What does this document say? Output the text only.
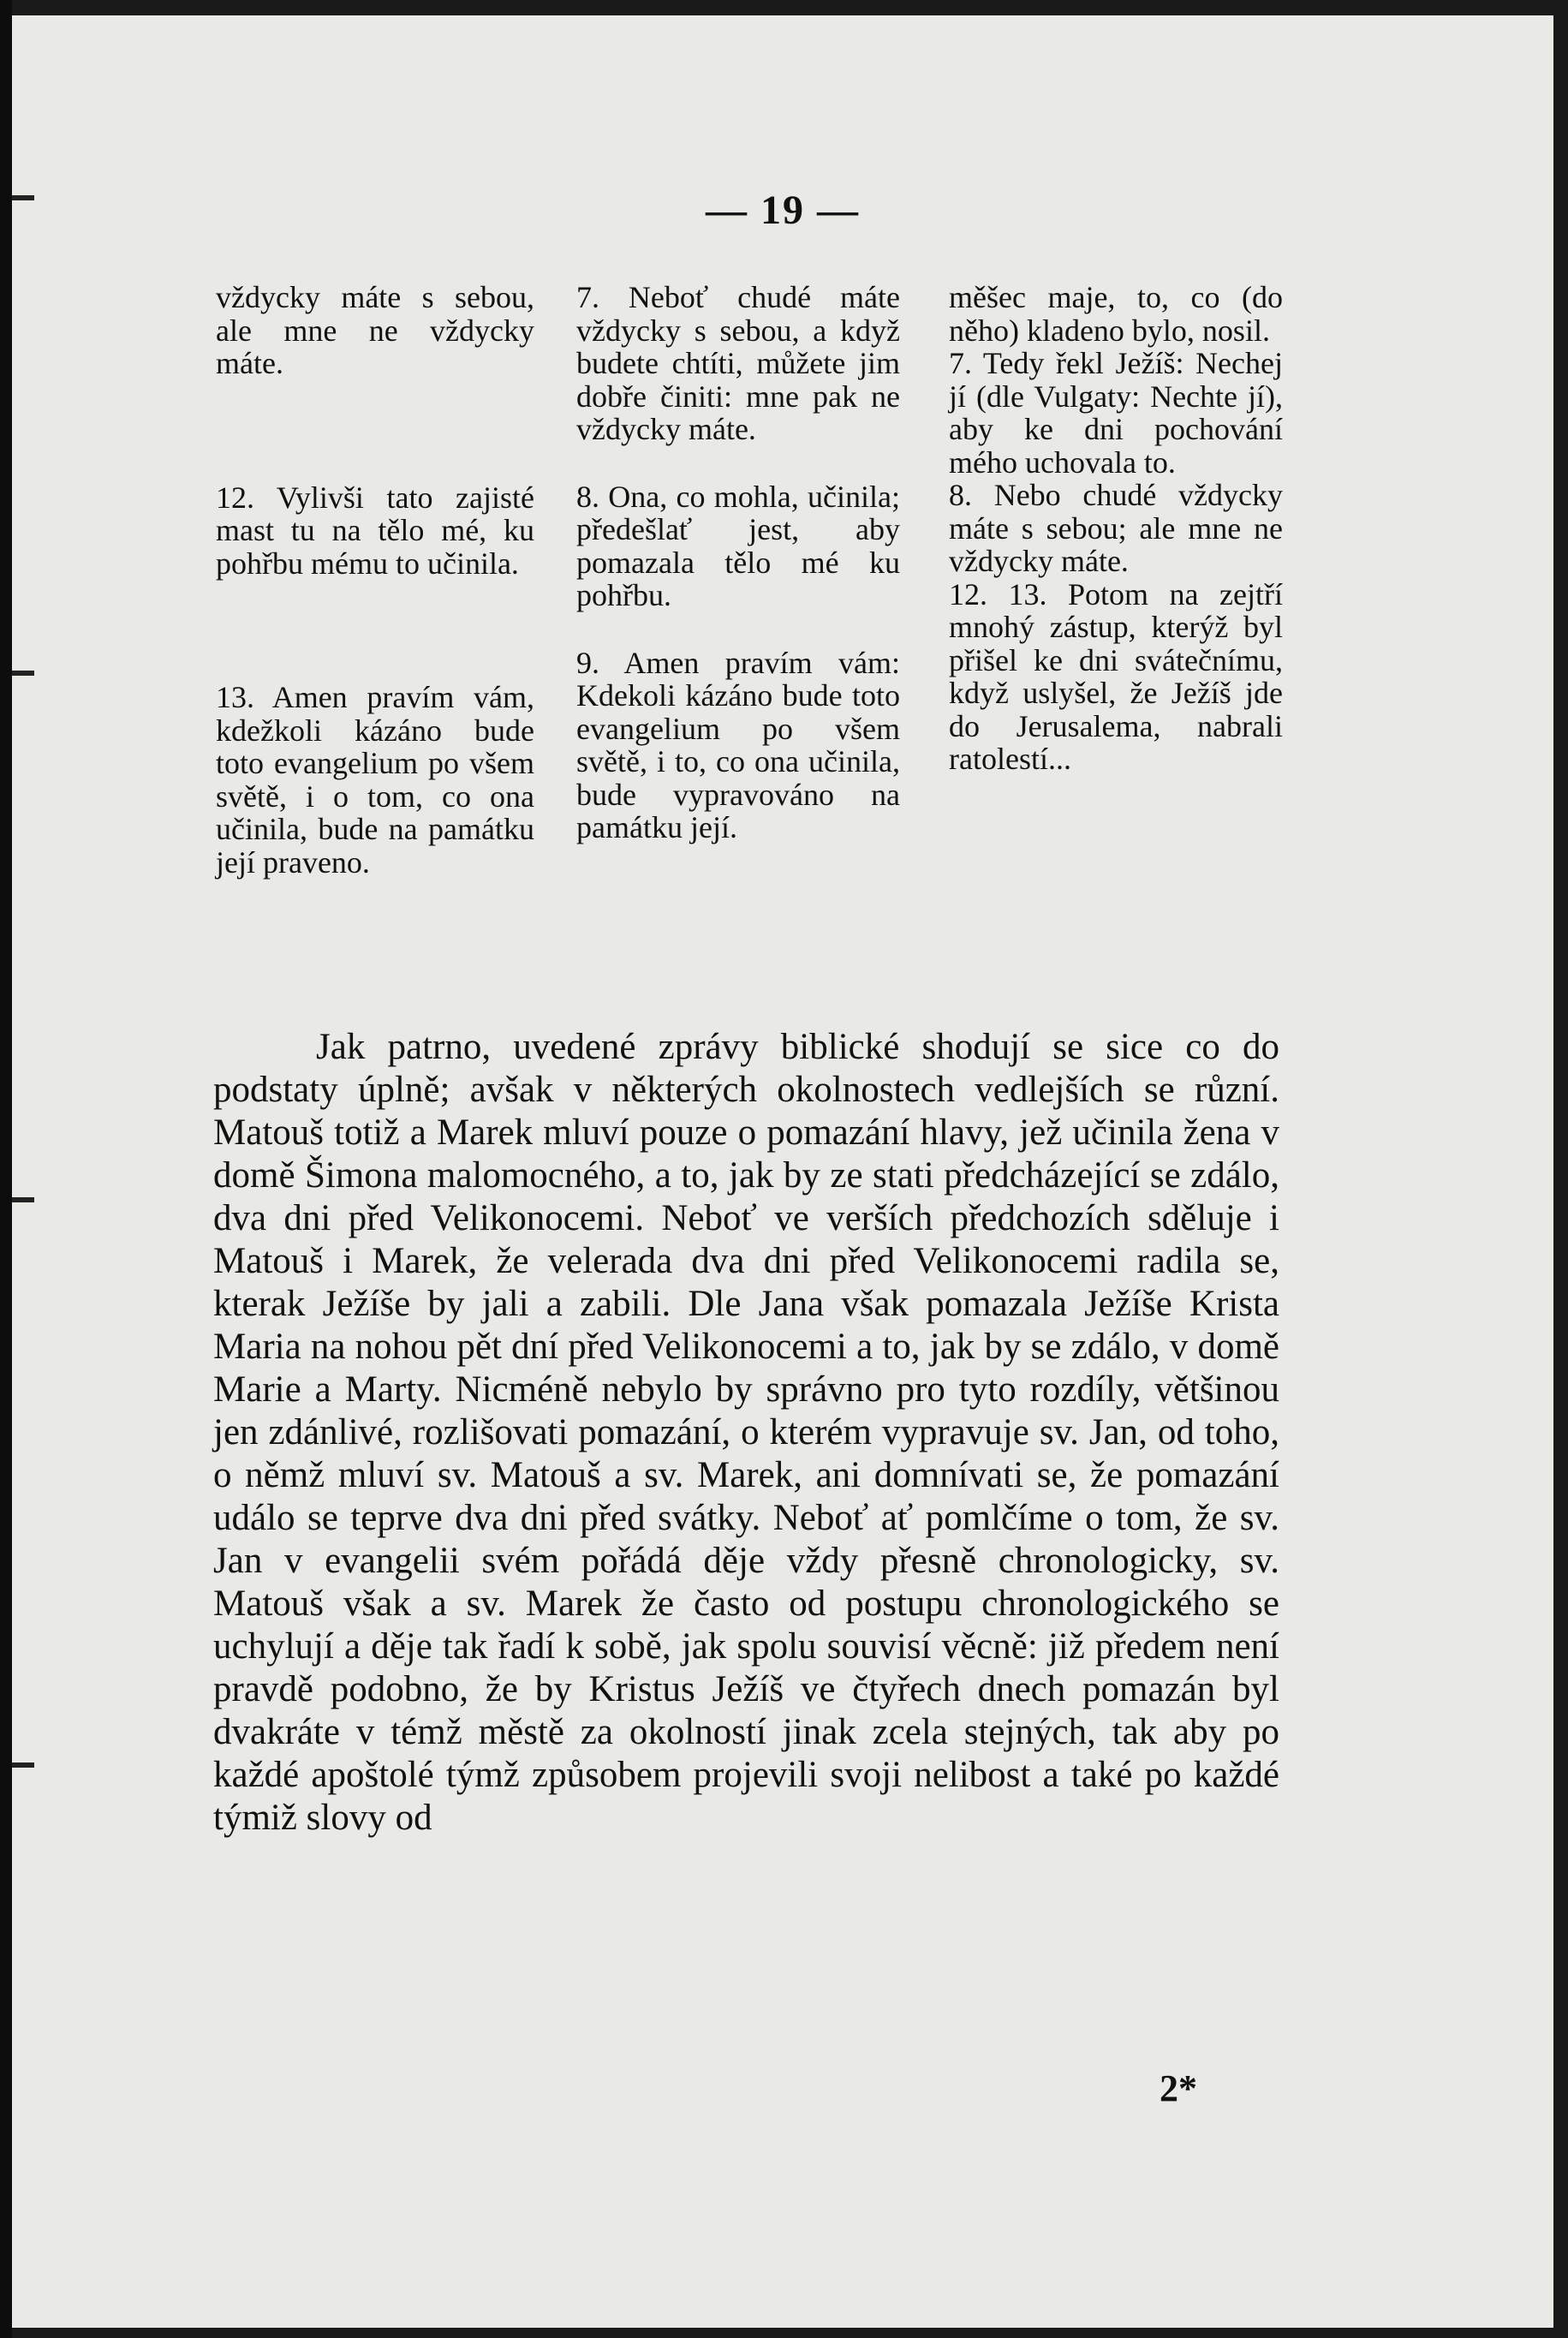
— 19 —

vždycky máte s sebou, ale mne ne vždycky máte.

12. Vylivši tato zajisté mast tu na tělo mé, ku pohřbu mému to učinila.

13. Amen pravím vám, kdežkoli kázáno bude toto evangelium po všem světě, i o tom, co ona učinila, bude na památku její praveno.

7. Neboť chudé máte vždycky s sebou, a když budete chtíti, můžete jim dobře činiti: mne pak ne vždycky máte.

8. Ona, co mohla, učinila; předešlať jest, aby pomazala tělo mé ku pohřbu.

9. Amen pravím vám: Kdekoli kázáno bude toto evangelium po všem světě, i to, co ona učinila, bude vypravováno na památku její.

měšec maje, to, co (do něho) kladeno bylo, nosil.

7. Tedy řekl Ježíš: Nechej jí (dle Vulgaty: Nechte jí), aby ke dni pochování mého uchovala to.

8. Nebo chudé vždycky máte s sebou; ale mne ne vždycky máte.

12. 13. Potom na zejtří mnohý zástup, kterýž byl přišel ke dni svátečnímu, když uslyšel, že Ježíš jde do Jerusalema, nabrali ratolestí...

Jak patrno, uvedené zprávy biblické shodují se sice co do podstaty úplně; avšak v některých okolnostech vedlejších se různí. Matouš totiž a Marek mluví pouze o pomazání hlavy, jež učinila žena v domě Šimona malomocného, a to, jak by ze stati předcházející se zdálo, dva dni před Velikonocemi. Neboť ve verších předchozích sděluje i Matouš i Marek, že velerada dva dni před Velikonocemi radila se, kterak Ježíše by jali a zabili. Dle Jana však pomazala Ježíše Krista Maria na nohou pět dní před Velikonocemi a to, jak by se zdálo, v domě Marie a Marty. Nicméně nebylo by správno pro tyto rozdíly, většinou jen zdánlivé, rozlišovati pomazání, o kterém vypravuje sv. Jan, od toho, o němž mluví sv. Matouš a sv. Marek, ani domnívati se, že pomazání událo se teprve dva dni před svátky. Neboť ať pomlčíme o tom, že sv. Jan v evangelii svém pořádá děje vždy přesně chronologicky, sv. Matouš však a sv. Marek že často od postupu chronologického se uchylují a děje tak řadí k sobě, jak spolu souvisí věcně: již předem není pravdě podobno, že by Kristus Ježíš ve čtyřech dnech pomazán byl dvakráte v témž městě za okolností jinak zcela stejných, tak aby po každé apoštolé týmž způsobem projevili svoji nelibost a také po každé týmiž slovy od

2*
